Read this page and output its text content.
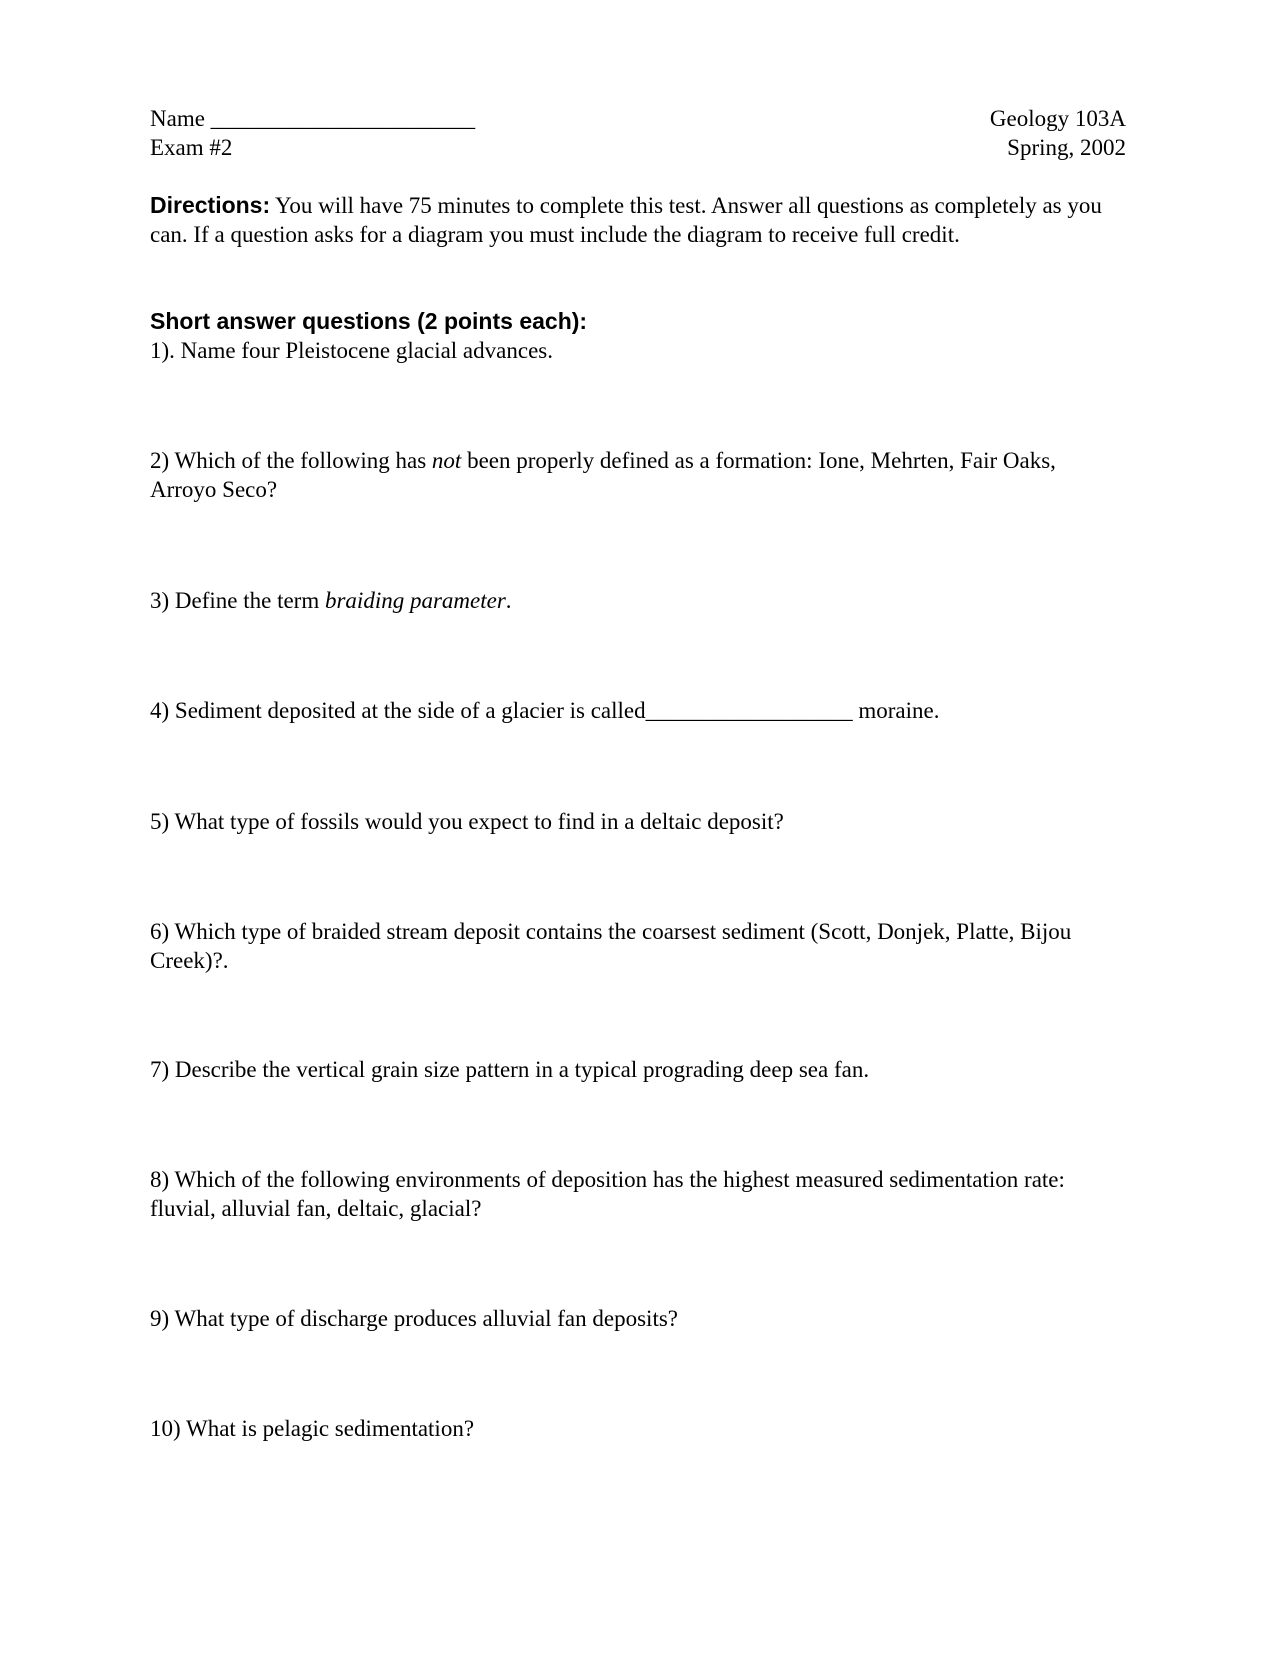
Name _______________________	Geology 103A
Exam #2	Spring, 2002
Directions: You will have 75 minutes to complete this test. Answer all questions as completely as you can. If a question asks for a diagram you must include the diagram to receive full credit.
Short answer questions (2 points each):
1). Name four Pleistocene glacial advances.
2) Which of the following has not been properly defined as a formation: Ione, Mehrten, Fair Oaks, Arroyo Seco?
3) Define the term braiding parameter.
4) Sediment deposited at the side of a glacier is called__________________ moraine.
5) What type of fossils would you expect to find in a deltaic deposit?
6) Which type of braided stream deposit contains the coarsest sediment (Scott, Donjek, Platte, Bijou Creek)?.
7) Describe the vertical grain size pattern in a typical prograding deep sea fan.
8) Which of the following environments of deposition has the highest measured sedimentation rate: fluvial, alluvial fan, deltaic, glacial?
9) What type of discharge produces alluvial fan deposits?
10) What is pelagic sedimentation?
